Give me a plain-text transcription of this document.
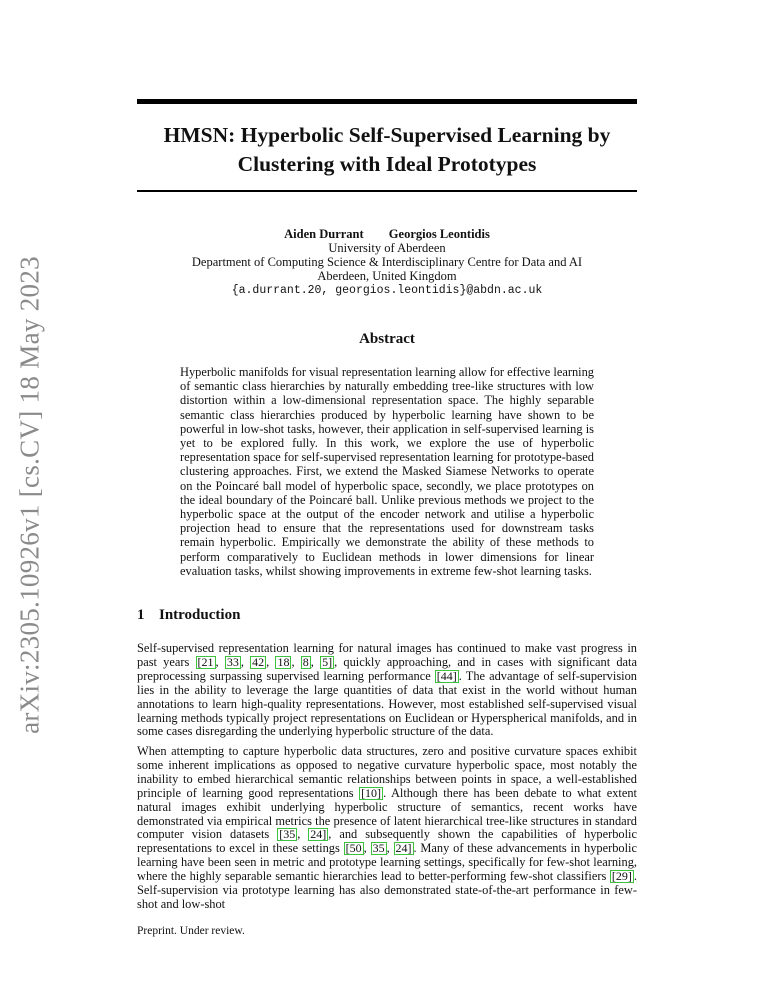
arXiv:2305.10926v1 [cs.CV] 18 May 2023
HMSN: Hyperbolic Self-Supervised Learning by Clustering with Ideal Prototypes
Aiden Durrant Georgios Leontidis
University of Aberdeen
Department of Computing Science & Interdisciplinary Centre for Data and AI
Aberdeen, United Kingdom
{a.durrant.20, georgios.leontidis}@abdn.ac.uk
Abstract

Hyperbolic manifolds for visual representation learning allow for effective learning of semantic class hierarchies by naturally embedding tree-like structures with low distortion within a low-dimensional representation space. The highly separable semantic class hierarchies produced by hyperbolic learning have shown to be powerful in low-shot tasks, however, their application in self-supervised learning is yet to be explored fully. In this work, we explore the use of hyperbolic representation space for self-supervised representation learning for prototype-based clustering approaches. First, we extend the Masked Siamese Networks to operate on the Poincaré ball model of hyperbolic space, secondly, we place prototypes on the ideal boundary of the Poincaré ball. Unlike previous methods we project to the hyperbolic space at the output of the encoder network and utilise a hyperbolic projection head to ensure that the representations used for downstream tasks remain hyperbolic. Empirically we demonstrate the ability of these methods to perform comparatively to Euclidean methods in lower dimensions for linear evaluation tasks, whilst showing improvements in extreme few-shot learning tasks.

1 Introduction

Self-supervised representation learning for natural images has continued to make vast progress in past years [21 , 33 , 42 , 18 , 8 , 5] , quickly approaching, and in cases with significant data preprocessing surpassing supervised learning performance [44] . The advantage of self-supervision lies in the ability to leverage the large quantities of data that exist in the world without human annotations to learn high-quality representations. However, most established self-supervised visual learning methods typically project representations on Euclidean or Hyperspherical manifolds, and in some cases disregarding the underlying hyperbolic structure of the data.

When attempting to capture hyperbolic data structures, zero and positive curvature spaces exhibit some inherent implications as opposed to negative curvature hyperbolic space, most notably the inability to embed hierarchical semantic relationships between points in space, a well-established principle of learning good representations [10] . Although there has been debate to what extent natural images exhibit underlying hyperbolic structure of semantics, recent works have demonstrated via empirical metrics the presence of latent hierarchical tree-like structures in standard computer vision datasets [35 , 24] , and subsequently shown the capabilities of hyperbolic representations to excel in these settings [50 , 35 , 24] . Many of these advancements in hyperbolic learning have been seen in metric and prototype learning settings, specifically for few-shot learning, where the highly separable semantic hierarchies lead to better-performing few-shot classifiers [29] . Self-supervision via prototype learning has also demonstrated state-of-the-art performance in few-shot and low-shot

Preprint. Under review.
